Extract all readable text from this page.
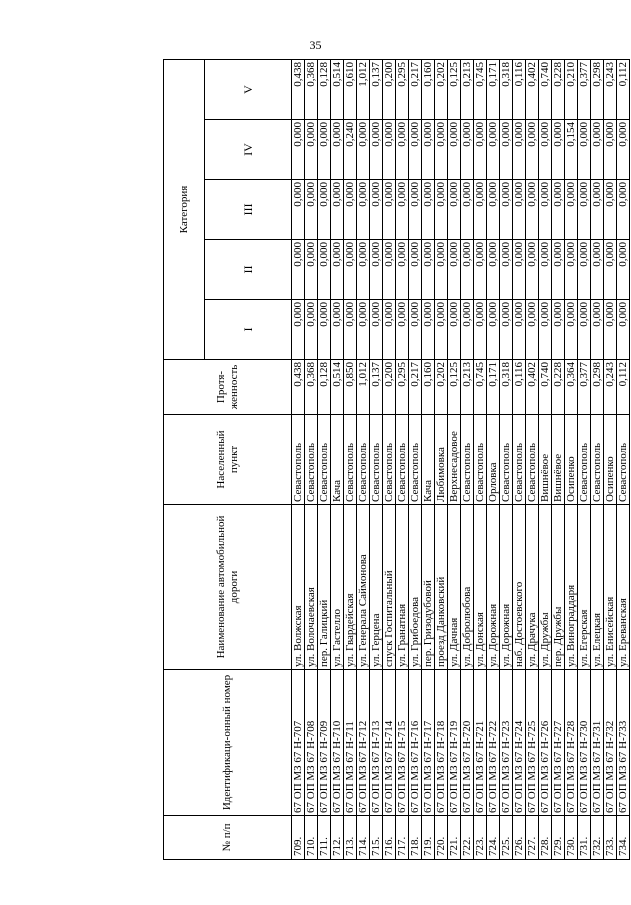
35
№ п/п	Идентификаци-онный номер	Наименование автомобильной дороги	Населенный пункт	Протя-женность	Категория				
					I	II	III	IV	V
709.	67 ОП МЗ 67 Н-707	ул. Волжская	Севастополь	0,438	0,000	0,000	0,000	0,000	0,438
710.	67 ОП МЗ 67 Н-708	ул. Волочаевская	Севастополь	0,368	0,000	0,000	0,000	0,000	0,368
711.	67 ОП МЗ 67 Н-709	пер. Галицкий	Севастополь	0,128	0,000	0,000	0,000	0,000	0,128
712.	67 ОП МЗ 67 Н-710	ул. Гастелло	Кача	0,514	0,000	0,000	0,000	0,000	0,514
713.	67 ОП МЗ 67 Н-711	ул. Гвардейская	Севастополь	0,850	0,000	0,000	0,000	0,240	0,610
714.	67 ОП МЗ 67 Н-712	ул. Генерала Саймонова	Севастополь	1,012	0,000	0,000	0,000	0,000	1,012
715.	67 ОП МЗ 67 Н-713	ул. Герцена	Севастополь	0,137	0,000	0,000	0,000	0,000	0,137
716.	67 ОП МЗ 67 Н-714	спуск Госпитальный	Севастополь	0,200	0,000	0,000	0,000	0,000	0,200
717.	67 ОП МЗ 67 Н-715	ул. Гранатная	Севастополь	0,295	0,000	0,000	0,000	0,000	0,295
718.	67 ОП МЗ 67 Н-716	ул. Грибоедова	Севастополь	0,217	0,000	0,000	0,000	0,000	0,217
719.	67 ОП МЗ 67 Н-717	пер. Гризодубовой	Кача	0,160	0,000	0,000	0,000	0,000	0,160
720.	67 ОП МЗ 67 Н-718	проезд Данковский	Любимовка	0,202	0,000	0,000	0,000	0,000	0,202
721.	67 ОП МЗ 67 Н-719	ул. Дачная	Верхнесадовое	0,125	0,000	0,000	0,000	0,000	0,125
722.	67 ОП МЗ 67 Н-720	ул. Добролюбова	Севастополь	0,213	0,000	0,000	0,000	0,000	0,213
723.	67 ОП МЗ 67 Н-721	ул. Донская	Севастополь	0,745	0,000	0,000	0,000	0,000	0,745
724.	67 ОП МЗ 67 Н-722	ул. Дорожная	Орловка	0,171	0,000	0,000	0,000	0,000	0,171
725.	67 ОП МЗ 67 Н-723	ул. Дорожная	Севастополь	0,318	0,000	0,000	0,000	0,000	0,318
726.	67 ОП МЗ 67 Н-724	наб. Достоевского	Севастополь	0,116	0,000	0,000	0,000	0,000	0,116
727.	67 ОП МЗ 67 Н-725	ул. Драчука	Севастополь	0,402	0,000	0,000	0,000	0,000	0,402
728.	67 ОП МЗ 67 Н-726	ул. Дружбы	Вишнёвое	0,740	0,000	0,000	0,000	0,000	0,740
729.	67 ОП МЗ 67 Н-727	пер. Дружбы	Вишнёвое	0,228	0,000	0,000	0,000	0,000	0,228
730.	67 ОП МЗ 67 Н-728	ул. Винограддаря	Осипенко	0,364	0,000	0,000	0,000	0,154	0,210
731.	67 ОП МЗ 67 Н-730	ул. Егерская	Севастополь	0,377	0,000	0,000	0,000	0,000	0,377
732.	67 ОП МЗ 67 Н-731	ул. Елецкая	Севастополь	0,298	0,000	0,000	0,000	0,000	0,298
733.	67 ОП МЗ 67 Н-732	ул. Енисейская	Осипенко	0,243	0,000	0,000	0,000	0,000	0,243
734.	67 ОП МЗ 67 Н-733	ул. Ереванская	Севастополь	0,112	0,000	0,000	0,000	0,000	0,112
